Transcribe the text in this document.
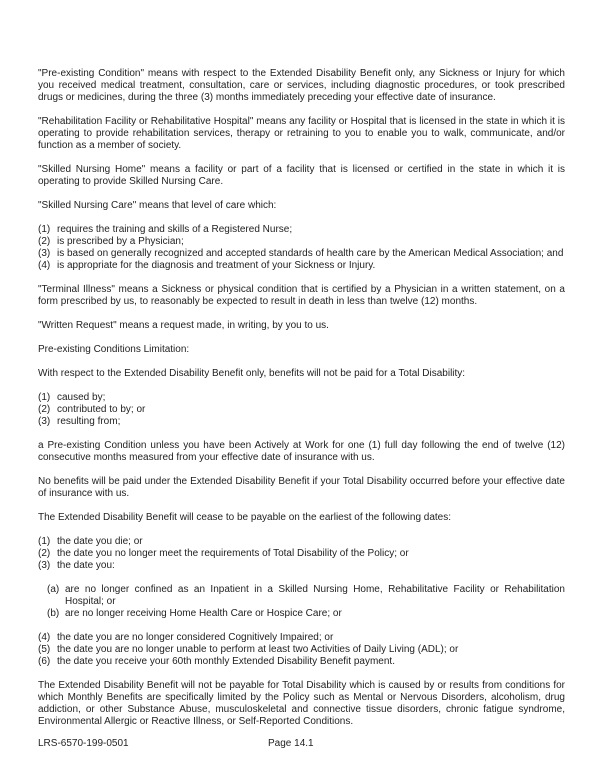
"Pre-existing Condition" means with respect to the Extended Disability Benefit only, any Sickness or Injury for which you received medical treatment, consultation, care or services, including diagnostic procedures, or took prescribed drugs or medicines, during the three (3) months immediately preceding your effective date of insurance.

"Rehabilitation Facility or Rehabilitative Hospital" means any facility or Hospital that is licensed in the state in which it is operating to provide rehabilitation services, therapy or retraining to you to enable you to walk, communicate, and/or function as a member of society.

"Skilled Nursing Home" means a facility or part of a facility that is licensed or certified in the state in which it is operating to provide Skilled Nursing Care.

"Skilled Nursing Care" means that level of care which:

(1) requires the training and skills of a Registered Nurse;
(2) is prescribed by a Physician;
(3) is based on generally recognized and accepted standards of health care by the American Medical Association; and
(4) is appropriate for the diagnosis and treatment of your Sickness or Injury.

"Terminal Illness" means a Sickness or physical condition that is certified by a Physician in a written statement, on a form prescribed by us, to reasonably be expected to result in death in less than twelve (12) months.

"Written Request" means a request made, in writing, by you to us.

Pre-existing Conditions Limitation:

With respect to the Extended Disability Benefit only, benefits will not be paid for a Total Disability:

(1) caused by;
(2) contributed to by; or
(3) resulting from;

a Pre-existing Condition unless you have been Actively at Work for one (1) full day following the end of twelve (12) consecutive months measured from your effective date of insurance with us.

No benefits will be paid under the Extended Disability Benefit if your Total Disability occurred before your effective date of insurance with us.

The Extended Disability Benefit will cease to be payable on the earliest of the following dates:

(1) the date you die; or
(2) the date you no longer meet the requirements of Total Disability of the Policy; or
(3) the date you:
(a) are no longer confined as an Inpatient in a Skilled Nursing Home, Rehabilitative Facility or Rehabilitation Hospital; or
(b) are no longer receiving Home Health Care or Hospice Care; or
(4) the date you are no longer considered Cognitively Impaired; or
(5) the date you are no longer unable to perform at least two Activities of Daily Living (ADL); or
(6) the date you receive your 60th monthly Extended Disability Benefit payment.

The Extended Disability Benefit will not be payable for Total Disability which is caused by or results from conditions for which Monthly Benefits are specifically limited by the Policy such as Mental or Nervous Disorders, alcoholism, drug addiction, or other Substance Abuse, musculoskeletal and connective tissue disorders, chronic fatigue syndrome, Environmental Allergic or Reactive Illness, or Self-Reported Conditions.

LRS-6570-199-0501	Page 14.1
